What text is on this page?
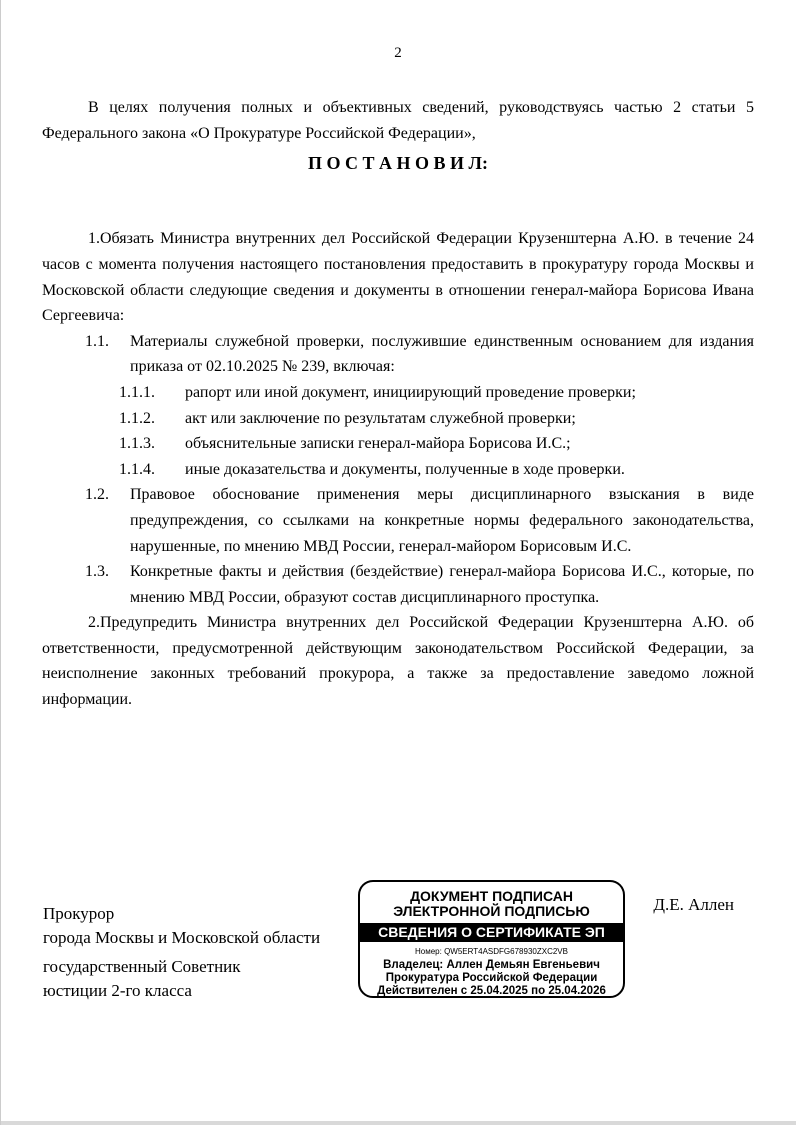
2

В целях получения полных и объективных сведений, руководствуясь частью 2 статьи 5 Федерального закона «О Прокуратуре Российской Федерации»,

П О С Т А Н О В И Л:

1.Обязать Министра внутренних дел Российской Федерации Крузенштерна А.Ю. в течение 24 часов с момента получения настоящего постановления предоставить в прокуратуру города Москвы и Московской области следующие сведения и документы в отношении генерал-майора Борисова Ивана Сергеевича:

1.1.	Материалы служебной проверки, послужившие единственным основанием для издания приказа от 02.10.2025 № 239, включая:
1.1.1.	рапорт или иной документ, инициирующий проведение проверки;
1.1.2.	акт или заключение по результатам служебной проверки;
1.1.3.	объяснительные записки генерал-майора Борисова И.С.;
1.1.4.	иные доказательства и документы, полученные в ходе проверки.
1.2.	Правовое обоснование применения меры дисциплинарного взыскания в виде предупреждения, со ссылками на конкретные нормы федерального законодательства, нарушенные, по мнению МВД России, генерал-майором Борисовым И.С.
1.3.	Конкретные факты и действия (бездействие) генерал-майора Борисова И.С., которые, по мнению МВД России, образуют состав дисциплинарного проступка.

2.Предупредить Министра внутренних дел Российской Федерации Крузенштерна А.Ю. об ответственности, предусмотренной действующим законодательством Российской Федерации, за неисполнение законных требований прокурора, а также за предоставление заведомо ложной информации.

Прокурор
города Москвы и Московской области
государственный Советник
юстиции 2-го класса
ДОКУМЕНТ ПОДПИСАН
ЭЛЕКТРОННОЙ ПОДПИСЬЮ
СВЕДЕНИЯ О СЕРТИФИКАТЕ ЭП
Номер: QW5ERT4ASDFG678930ZXC2VB
Владелец: Аллен Демьян Евгеньевич
Прокуратура Российской Федерации
Действителен с 25.04.2025 по 25.04.2026
Д.Е. Аллен
